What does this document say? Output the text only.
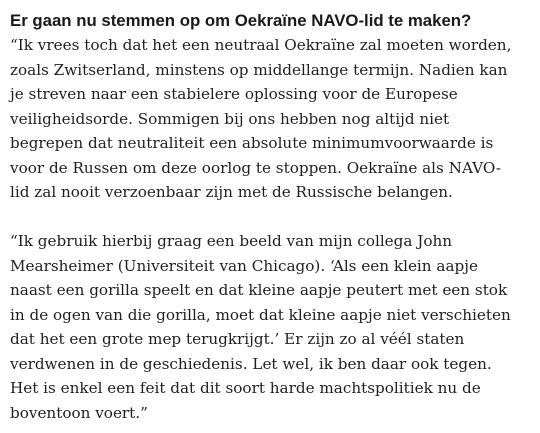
Er gaan nu stemmen op om Oekraïne NAVO-lid te maken?

“Ik vrees toch dat het een neutraal Oekraïne zal moeten worden,
zoals Zwitserland, minstens op middellange termijn. Nadien kan
je streven naar een stabielere oplossing voor de Europese
veiligheidsorde. Sommigen bij ons hebben nog altijd niet
begrepen dat neutraliteit een absolute minimumvoorwaarde is
voor de Russen om deze oorlog te stoppen. Oekraïne als NAVO-
lid zal nooit verzoenbaar zijn met de Russische belangen.

“Ik gebruik hierbij graag een beeld van mijn collega John
Mearsheimer (Universiteit van Chicago). ‘Als een klein aapje
naast een gorilla speelt en dat kleine aapje peutert met een stok
in de ogen van die gorilla, moet dat kleine aapje niet verschieten
dat het een grote mep terugkrijgt.’ Er zijn zo al véél staten
verdwenen in de geschiedenis. Let wel, ik ben daar ook tegen.
Het is enkel een feit dat dit soort harde machtspolitiek nu de
boventoon voert.”
